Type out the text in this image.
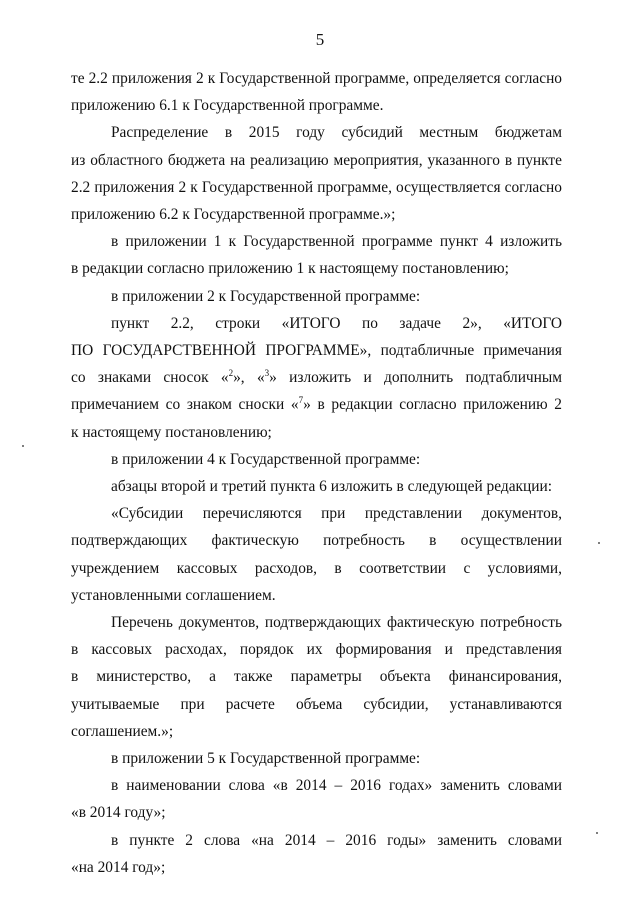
5
те 2.2 приложения 2 к Государственной программе, определяется согласно
приложению 6.1 к Государственной программе.
Распределение в 2015 году субсидий местным бюджетам
из областного бюджета на реализацию мероприятия, указанного в пункте
2.2 приложения 2 к Государственной программе, осуществляется согласно
приложению 6.2 к Государственной программе.»;
в приложении 1 к Государственной программе пункт 4 изложить
в редакции согласно приложению 1 к настоящему постановлению;
в приложении 2 к Государственной программе:
пункт 2.2, строки «ИТОГО по задаче 2», «ИТОГО
ПО ГОСУДАРСТВЕННОЙ ПРОГРАММЕ», подтабличные примечания
со знаками сносок «$^2$», «$^3$» изложить и дополнить подтабличным
примечанием со знаком сноски «$^7$» в редакции согласно приложению 2
к настоящему постановлению;
в приложении 4 к Государственной программе:
абзацы второй и третий пункта 6 изложить в следующей редакции:
«Субсидии перечисляются при представлении документов,
подтверждающих фактическую потребность в осуществлении
учреждением кассовых расходов, в соответствии с условиями,
установленными соглашением.
Перечень документов, подтверждающих фактическую потребность
в кассовых расходах, порядок их формирования и представления
в министерство, а также параметры объекта финансирования,
учитываемые при расчете объема субсидии, устанавливаются
соглашением.»;
в приложении 5 к Государственной программе:
в наименовании слова «в 2014 – 2016 годах» заменить словами
«в 2014 году»;
в пункте 2 слова «на 2014 – 2016 годы» заменить словами
«на 2014 год»;
